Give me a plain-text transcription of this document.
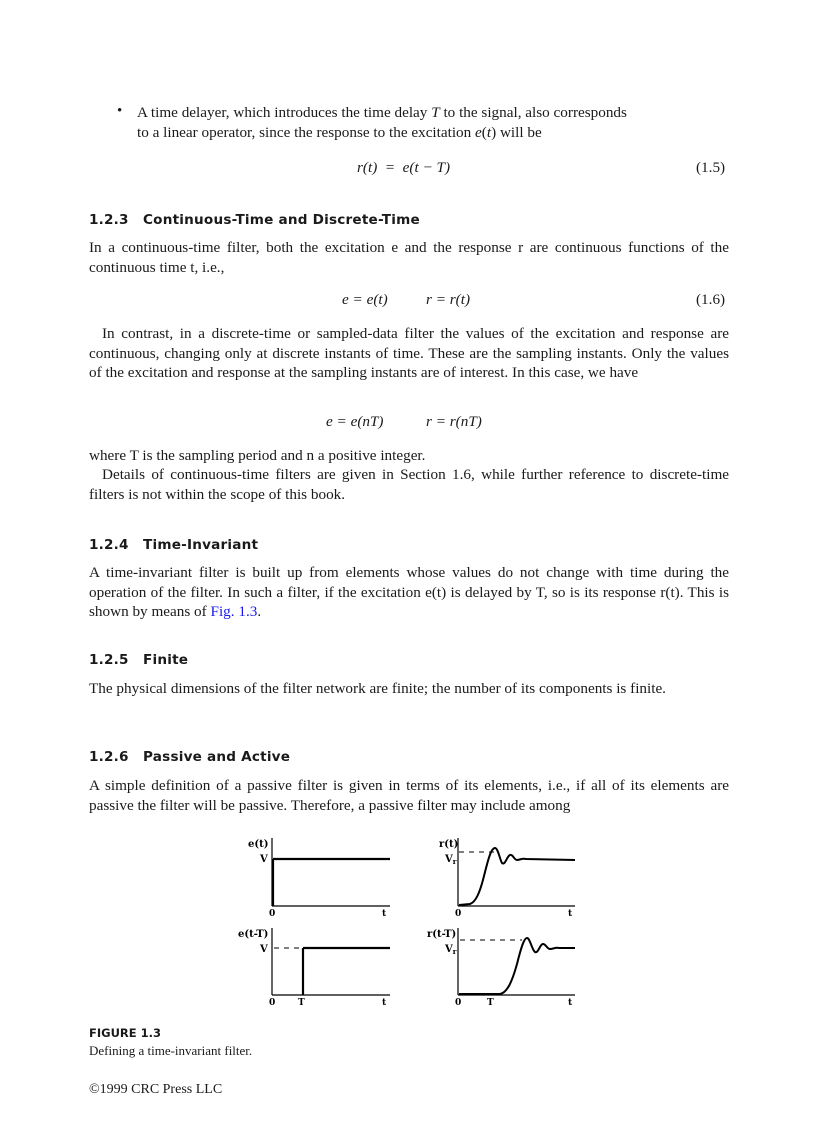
• A time delayer, which introduces the time delay T to the signal, also corresponds
to a linear operator, since the response to the excitation e(t) will be

r(t)  =  e(t − T)	(1.5)
1.2.3 Continuous-Time and Discrete-Time

In a continuous-time filter, both the excitation e and the response r are continuous functions of the continuous time t, i.e.,

e = e(t)	r = r(t)	(1.6)

In contrast, in a discrete-time or sampled-data filter the values of the excitation and response are continuous, changing only at discrete instants of time. These are the sampling instants. Only the values of the excitation and response at the sampling instants are of interest. In this case, we have

e = e(nT)	r = r(nT)

where T is the sampling period and n a positive integer.

Details of continuous-time filters are given in Section 1.6, while further reference to discrete-time filters is not within the scope of this book.

1.2.4 Time-Invariant

A time-invariant filter is built up from elements whose values do not change with time during the operation of the filter. In such a filter, if the excitation e(t) is delayed by T, so is its response r(t). This is shown by means of Fig. 1.3.

1.2.5 Finite

The physical dimensions of the filter network are finite; the number of its components is finite.

1.2.6 Passive and Active

A simple definition of a passive filter is given in terms of its elements, i.e., if all of its elements are passive the filter will be passive. Therefore, a passive filter may include among

e(t)
V
0	t
r(t)
$V_r$
0	t
e(t-T)
V
0	T	t
r(t-T)
$V_r$
0	T	t
FIGURE 1.3
Defining a time-invariant filter.
©1999 CRC Press LLC
